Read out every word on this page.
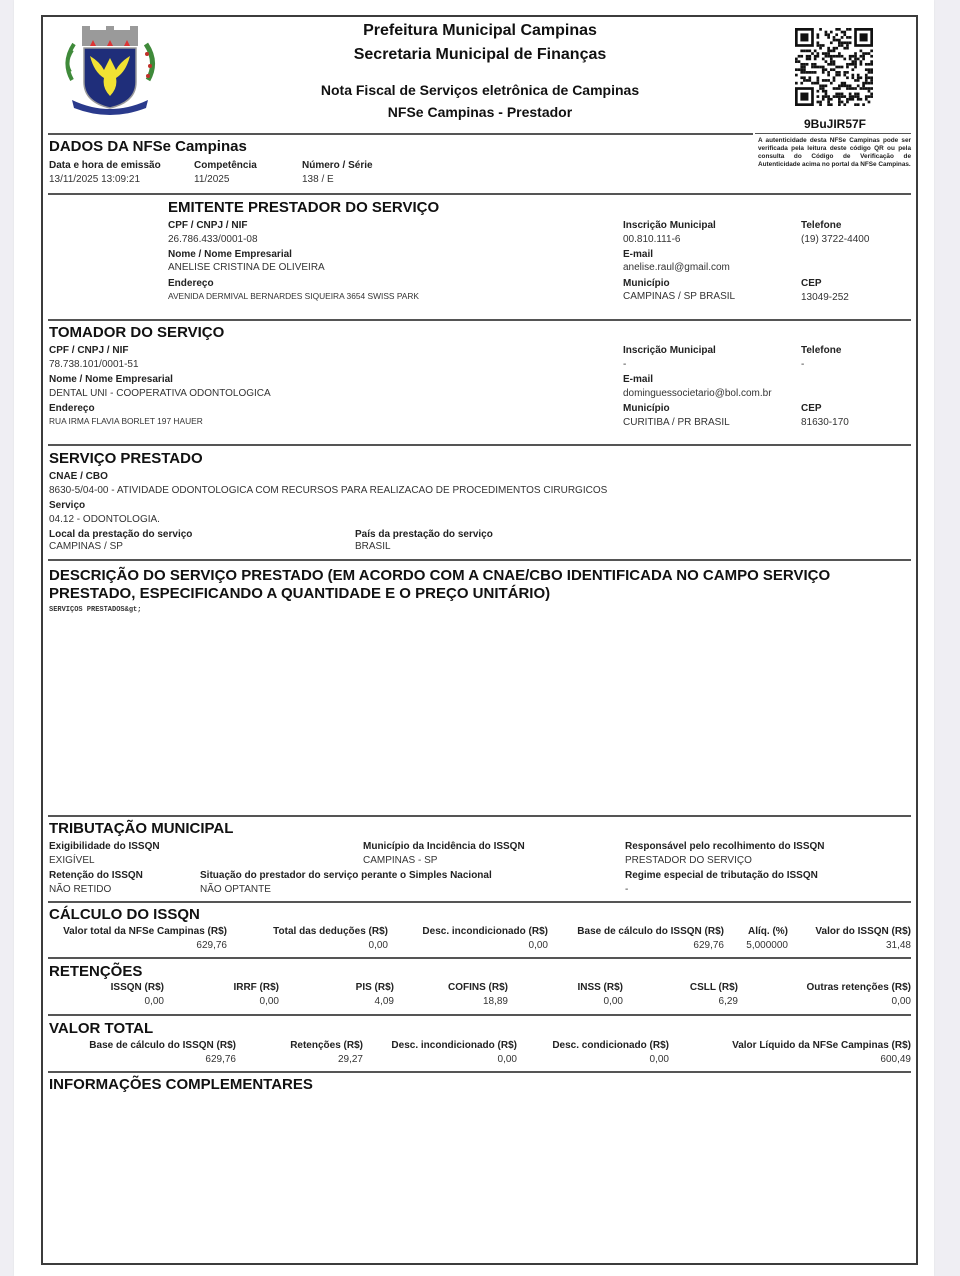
Prefeitura Municipal Campinas
Secretaria Municipal de Finanças
Nota Fiscal de Serviços eletrônica de Campinas
NFSe Campinas - Prestador
9BuJIR57F
A autenticidade desta NFSe Campinas pode ser verificada pela leitura deste código QR ou pela consulta do Código de Verificação de Autenticidade acima no portal da NFSe Campinas.
DADOS DA NFSe Campinas
Data e hora de emissão
13/11/2025 13:09:21
Competência
11/2025
Número / Série
138 / E
EMITENTE PRESTADOR DO SERVIÇO
CPF / CNPJ / NIF
26.786.433/0001-08
Nome / Nome Empresarial
ANELISE CRISTINA DE OLIVEIRA
Endereço
AVENIDA DERMIVAL BERNARDES SIQUEIRA 3654 SWISS PARK
Inscrição Municipal
00.810.111-6
E-mail
anelise.raul@gmail.com
Município
CAMPINAS / SP BRASIL
Telefone
(19) 3722-4400
CEP
13049-252
TOMADOR DO SERVIÇO
CPF / CNPJ / NIF
78.738.101/0001-51
Nome / Nome Empresarial
DENTAL UNI - COOPERATIVA ODONTOLOGICA
Endereço
RUA IRMA FLAVIA BORLET 197 HAUER
Inscrição Municipal
-
E-mail
dominguessocietario@bol.com.br
Município
CURITIBA / PR BRASIL
Telefone
-
CEP
81630-170
SERVIÇO PRESTADO
CNAE / CBO
8630-5/04-00 - ATIVIDADE ODONTOLOGICA COM RECURSOS PARA REALIZACAO DE PROCEDIMENTOS CIRURGICOS
Serviço
04.12 - ODONTOLOGIA.
Local da prestação do serviço
CAMPINAS / SP
País da prestação do serviço
BRASIL
DESCRIÇÃO DO SERVIÇO PRESTADO (EM ACORDO COM A CNAE/CBO IDENTIFICADA NO CAMPO SERVIÇO
PRESTADO, ESPECIFICANDO A QUANTIDADE E O PREÇO UNITÁRIO)
SERVIÇOS PRESTADOS&gt;
TRIBUTAÇÃO MUNICIPAL
Exigibilidade do ISSQN
EXIGÍVEL
Município da Incidência do ISSQN
CAMPINAS - SP
Responsável pelo recolhimento do ISSQN
PRESTADOR DO SERVIÇO
Retenção do ISSQN
NÃO RETIDO
Situação do prestador do serviço perante o Simples Nacional
NÃO OPTANTE
Regime especial de tributação do ISSQN
-
CÁLCULO DO ISSQN
Valor total da NFSe Campinas (R$)
629,76
Total das deduções (R$)
0,00
Desc. incondicionado (R$)
0,00
Base de cálculo do ISSQN (R$)
629,76
Alíq. (%)
5,000000
Valor do ISSQN (R$)
31,48
RETENÇÕES
ISSQN (R$)
0,00
IRRF (R$)
0,00
PIS (R$)
4,09
COFINS (R$)
18,89
INSS (R$)
0,00
CSLL (R$)
6,29
Outras retenções (R$)
0,00
VALOR TOTAL
Base de cálculo do ISSQN (R$)
629,76
Retenções (R$)
29,27
Desc. incondicionado (R$)
0,00
Desc. condicionado (R$)
0,00
Valor Líquido da NFSe Campinas (R$)
600,49
INFORMAÇÕES COMPLEMENTARES
